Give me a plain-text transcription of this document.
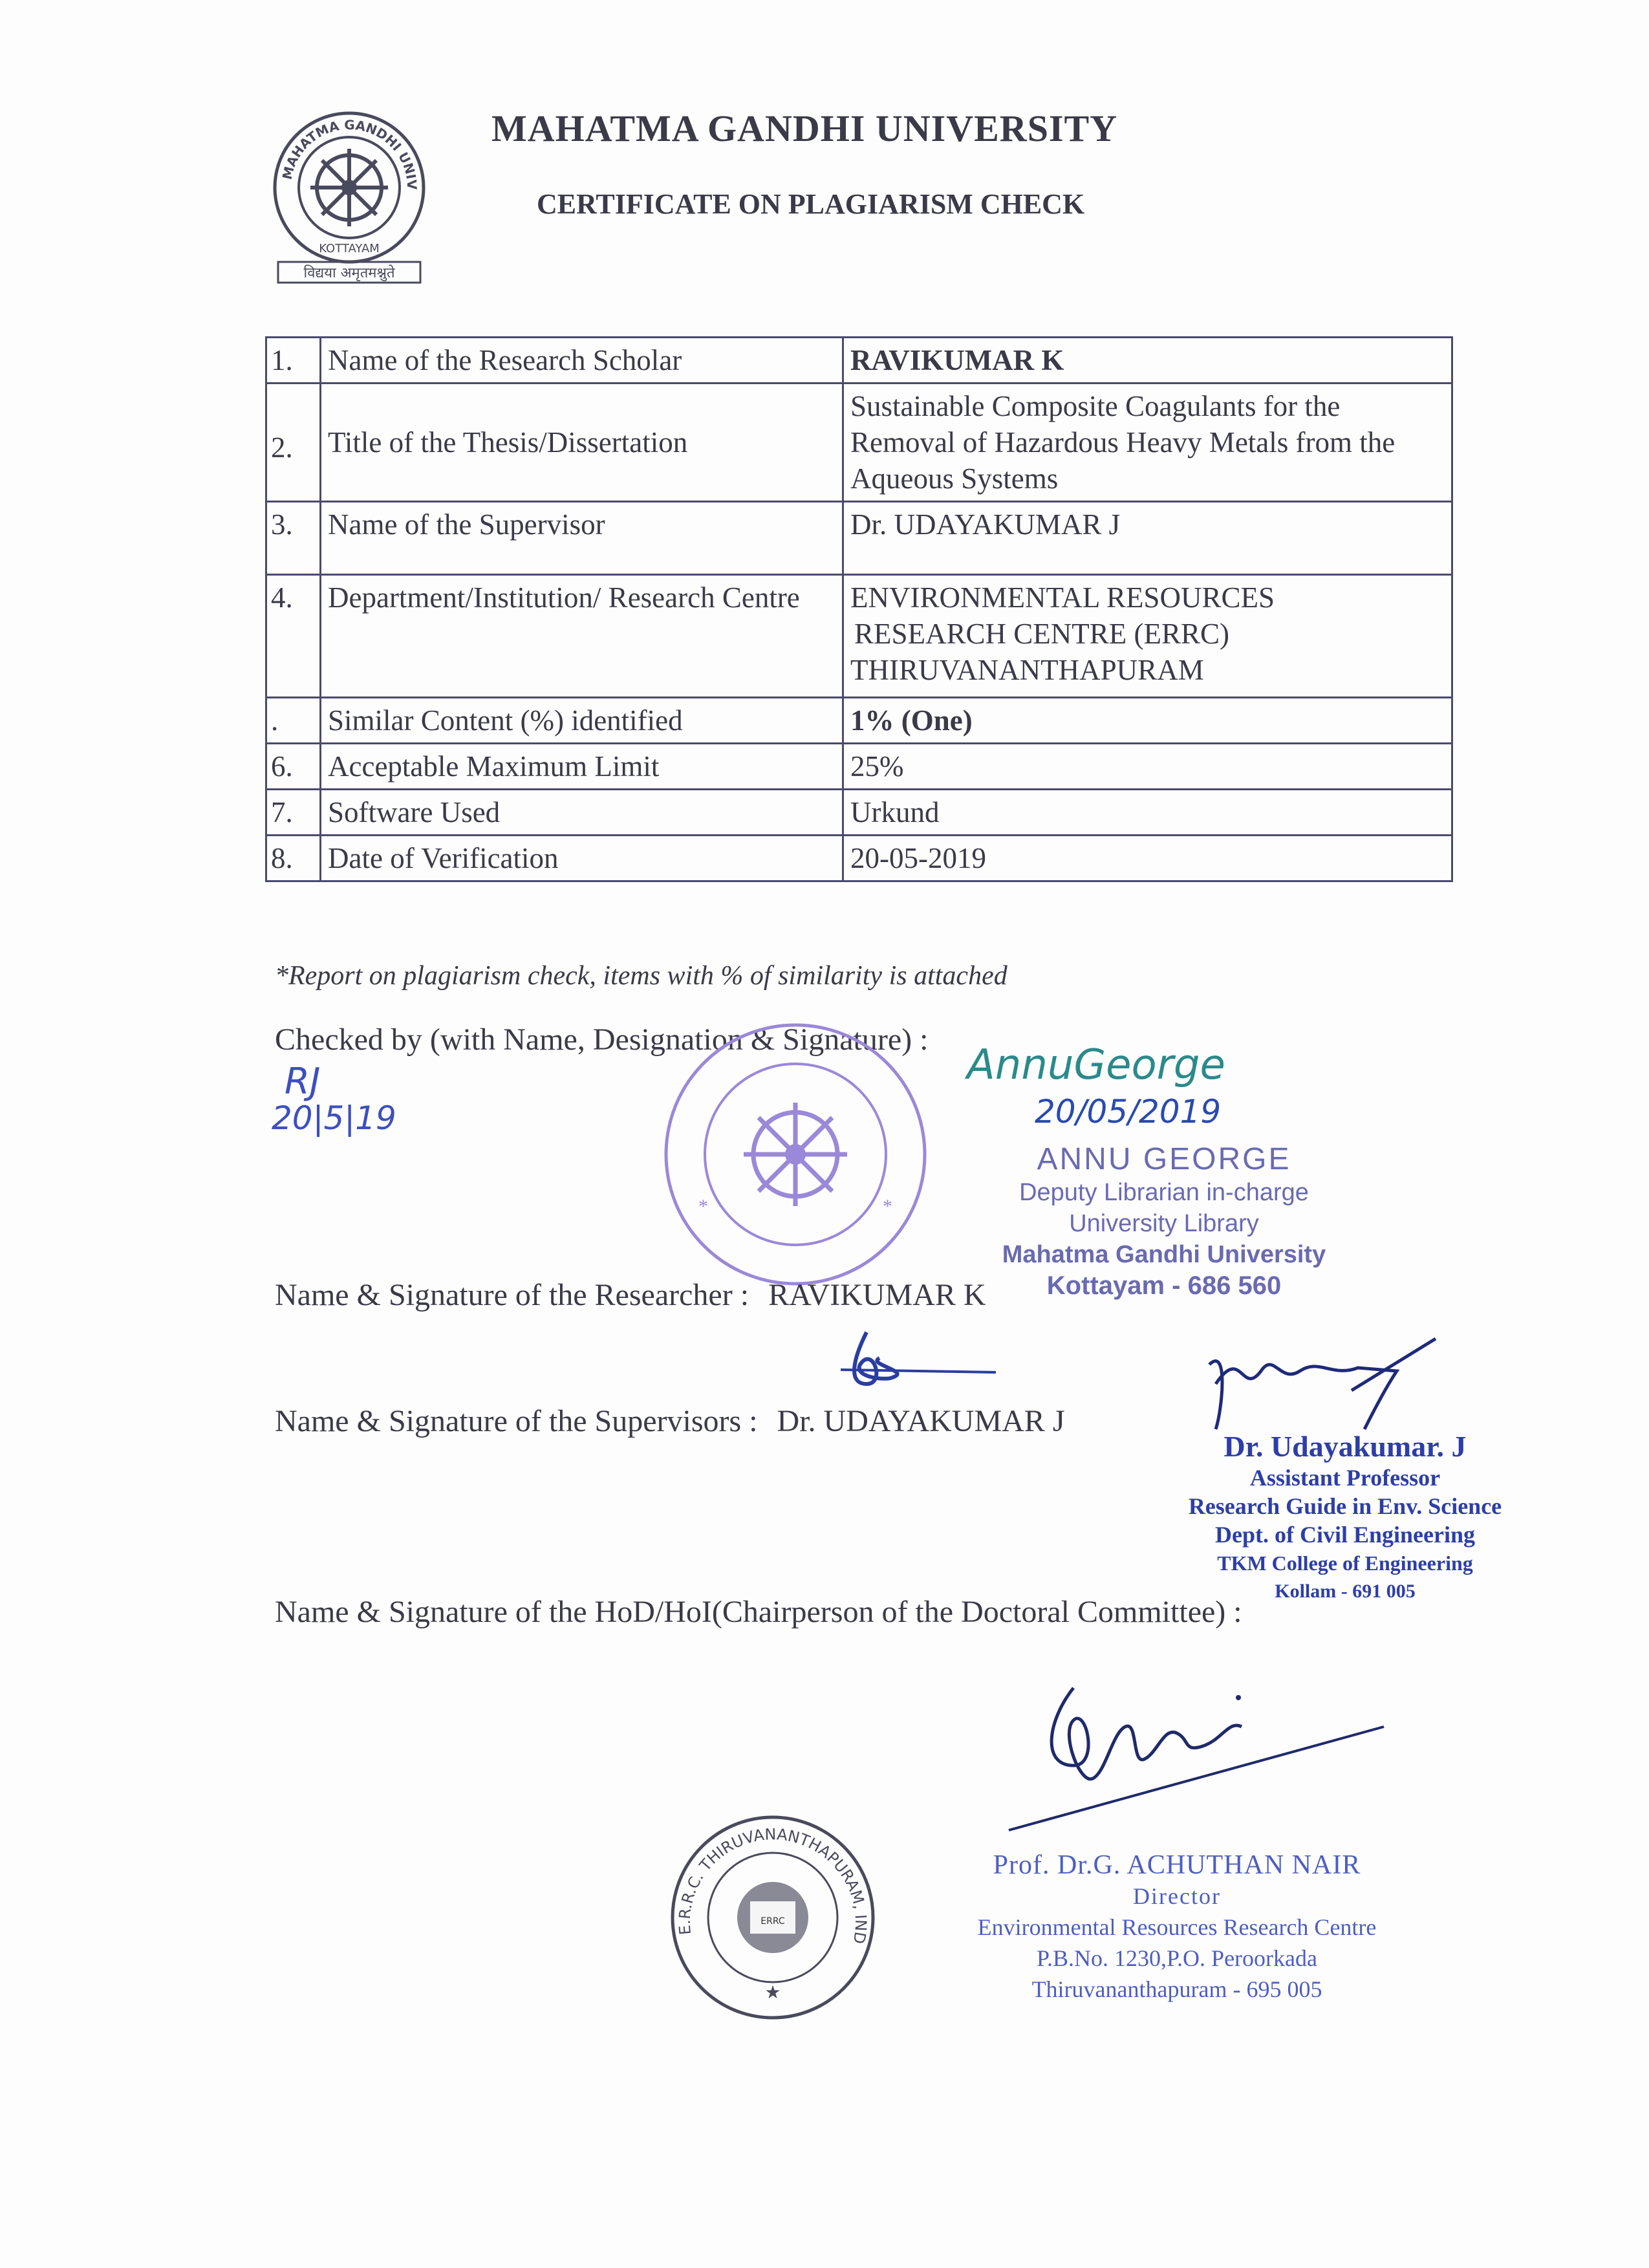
MAHATMA GANDHI UNIV
KOTTAYAM
विद्यया अमृतमश्नुते
MAHATMA GANDHI UNIVERSITY
CERTIFICATE ON PLAGIARISM CHECK
1.	Name of the Research Scholar	RAVIKUMAR K
2.	Title of the Thesis/Dissertation	Sustainable Composite Coagulants for the Removal of Hazardous Heavy Metals from the Aqueous Systems
3.	Name of the Supervisor	Dr. UDAYAKUMAR J
4.	Department/Institution/ Research Centre	ENVIRONMENTAL RESOURCES
RESEARCH CENTRE (ERRC)
THIRUVANANTHAPURAM

.	Similar Content (%) identified	1% (One)
6.	Acceptable Maximum Limit	25%
7.	Software Used	Urkund
8.	Date of Verification	20-05-2019
*Report on plagiarism check, items with % of similarity is attached
Checked by (with Name, Designation & Signature) :
RJ
20|5|19
*	*
AnnuGeorge
20/05/2019
ANNU GEORGE
Deputy Librarian in-charge
University Library
Mahatma Gandhi University
Kottayam - 686 560
Name & Signature of the Researcher : RAVIKUMAR K
Name & Signature of the Supervisors : Dr. UDAYAKUMAR J
Dr. Udayakumar. J
Assistant Professor
Research Guide in Env. Science
Dept. of Civil Engineering
TKM College of Engineering
Kollam - 691 005
Name & Signature of the HoD/HoI(Chairperson of the Doctoral Committee) :
E.R.R.C. THIRUVANANTHAPURAM, IND
★
ERRC
Prof. Dr.G. ACHUTHAN NAIR
Director
Environmental Resources Research Centre
P.B.No. 1230,P.O. Peroorkada
Thiruvananthapuram - 695 005
